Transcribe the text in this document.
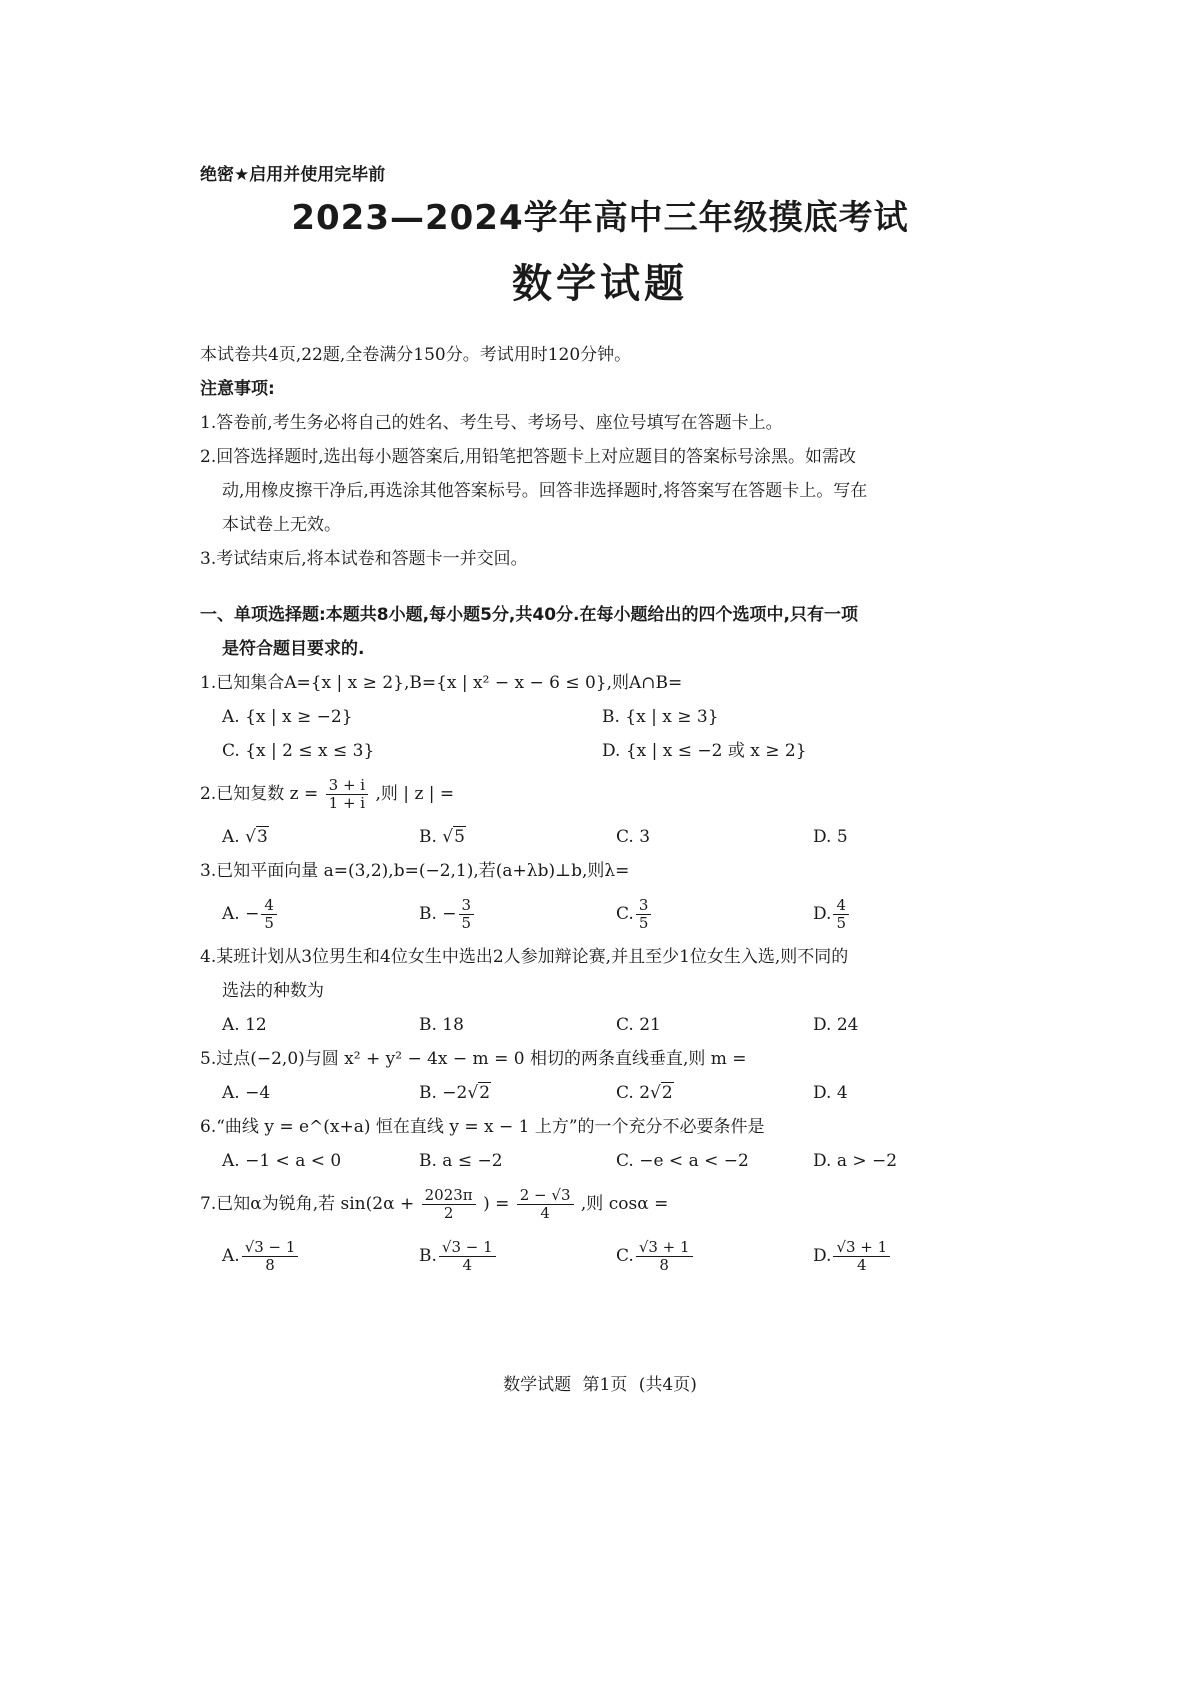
绝密★启用并使用完毕前
2023—2024学年高中三年级摸底考试
数学试题
本试卷共4页,22题,全卷满分150分。考试用时120分钟。
注意事项:
1.答卷前,考生务必将自己的姓名、考生号、考场号、座位号填写在答题卡上。
2.回答选择题时,选出每小题答案后,用铅笔把答题卡上对应题目的答案标号涂黑。如需改
动,用橡皮擦干净后,再选涂其他答案标号。回答非选择题时,将答案写在答题卡上。写在
本试卷上无效。
3.考试结束后,将本试卷和答题卡一并交回。
一、单项选择题:本题共8小题,每小题5分,共40分.在每小题给出的四个选项中,只有一项
是符合题目要求的.
1.已知集合A={x | x ≥ 2},B={x | x² − x − 6 ≤ 0},则A∩B=
A. {x | x ≥ −2}	B. {x | x ≥ 3}
C. {x | 2 ≤ x ≤ 3}	D. {x | x ≤ −2 或 x ≥ 2}
2.已知复数 $z = \frac{3 + i}{1 + i}$ ,则 | z | =
A. √3	B. √5	C. 3	D. 5
3.已知平面向量 a=(3,2),b=(−2,1),若(a+λb)⊥b,则λ=
A. − $\frac{4}{5}$	B. − $\frac{3}{5}$	C. $\frac{3}{5}$	D. $\frac{4}{5}$
4.某班计划从3位男生和4位女生中选出2人参加辩论赛,并且至少1位女生入选,则不同的
选法的种数为
A. 12	B. 18	C. 21	D. 24
5.过点(−2,0)与圆 x² + y² − 4x − m = 0 相切的两条直线垂直,则 m =
A. −4	B. −2√2	C. 2√2	D. 4
6.“曲线 y = e^(x+a) 恒在直线 y = x − 1 上方”的一个充分不必要条件是
A. −1 < a < 0	B. a ≤ −2	C. −e < a < −2	D. a > −2
7.已知α为锐角,若 $\sin(2\alpha + \frac{2023\pi}{2}$ ) = $\frac{2 - √3}{4}$ ,则 cosα =
A. $\frac{√3 - 1}{8}$	B. $\frac{√3 - 1}{4}$	C. $\frac{√3 + 1}{8}$	D. $\frac{√3 + 1}{4}$
数学试题 第1页 (共4页)
